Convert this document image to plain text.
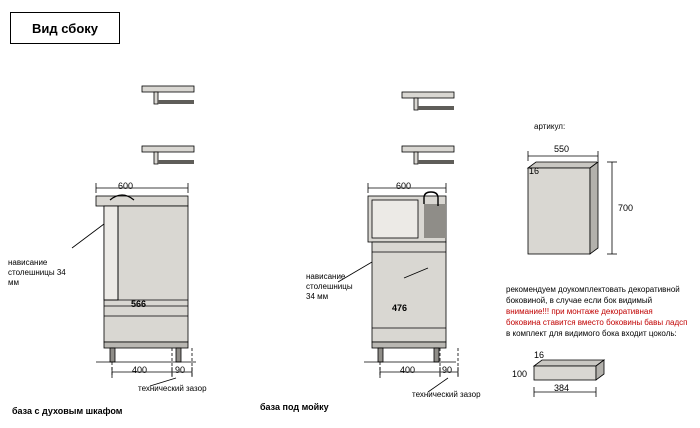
Вид сбоку
нависание
столешницы 34 мм
600
566
400	90
технический зазор
база с духовым шкафом
нависание
столешницы
34 мм
600
476
400	90
технический зазор
база под мойку
артикул:
550
16
700
рекомендуем доукомплектовать декоративной
боковиной, в случае если бок видимый
внимание!!! при монтаже декоративная
боковина ставится вместо боковины бавы ладсп
в комплект для видимого бока входит цоколь:
16
100
384
